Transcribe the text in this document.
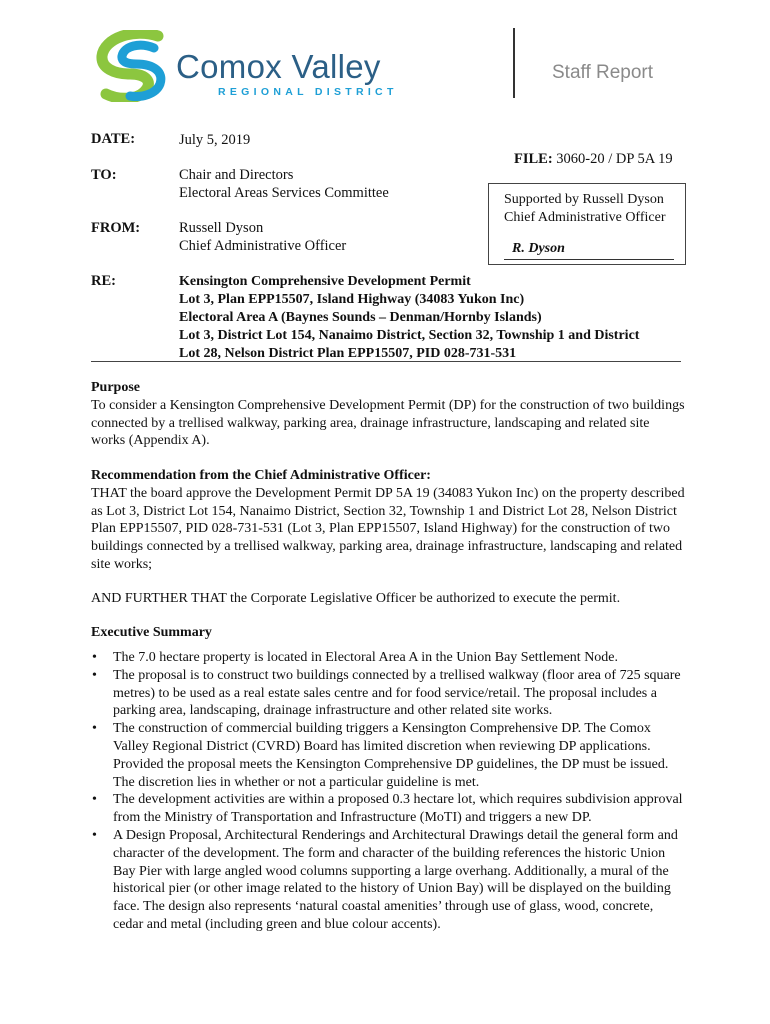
Comox Valley
REGIONAL DISTRICT
Staff Report
DATE:	July 5, 2019
FILE: 3060-20 / DP 5A 19
TO:	Chair and Directors
Electoral Areas Services Committee	Supported by Russell Dyson
Chief Administrative Officer
R. Dyson
FROM:	Russell Dyson
Chief Administrative Officer
RE:	Kensington Comprehensive Development Permit
Lot 3, Plan EPP15507, Island Highway (34083 Yukon Inc)
Electoral Area A (Baynes Sounds – Denman/Hornby Islands)
Lot 3, District Lot 154, Nanaimo District, Section 32, Township 1 and District
Lot 28, Nelson District Plan EPP15507, PID 028-731-531
Purpose
To consider a Kensington Comprehensive Development Permit (DP) for the construction of two buildings connected by a trellised walkway, parking area, drainage infrastructure, landscaping and related site works (Appendix A).
Recommendation from the Chief Administrative Officer:
THAT the board approve the Development Permit DP 5A 19 (34083 Yukon Inc) on the property described as Lot 3, District Lot 154, Nanaimo District, Section 32, Township 1 and District Lot 28, Nelson District Plan EPP15507, PID 028-731-531 (Lot 3, Plan EPP15507, Island Highway) for the construction of two buildings connected by a trellised walkway, parking area, drainage infrastructure, landscaping and related site works;
AND FURTHER THAT the Corporate Legislative Officer be authorized to execute the permit.
Executive Summary
• The 7.0 hectare property is located in Electoral Area A in the Union Bay Settlement Node.
• The proposal is to construct two buildings connected by a trellised walkway (floor area of 725 square metres) to be used as a real estate sales centre and for food service/retail. The proposal includes a parking area, landscaping, drainage infrastructure and other related site works.
• The construction of commercial building triggers a Kensington Comprehensive DP. The Comox Valley Regional District (CVRD) Board has limited discretion when reviewing DP applications. Provided the proposal meets the Kensington Comprehensive DP guidelines, the DP must be issued. The discretion lies in whether or not a particular guideline is met.
• The development activities are within a proposed 0.3 hectare lot, which requires subdivision approval from the Ministry of Transportation and Infrastructure (MoTI) and triggers a new DP.
• A Design Proposal, Architectural Renderings and Architectural Drawings detail the general form and character of the development. The form and character of the building references the historic Union Bay Pier with large angled wood columns supporting a large overhang. Additionally, a mural of the historical pier (or other image related to the history of Union Bay) will be displayed on the building face. The design also represents ‘natural coastal amenities’ through use of glass, wood, concrete, cedar and metal (including green and blue colour accents).
